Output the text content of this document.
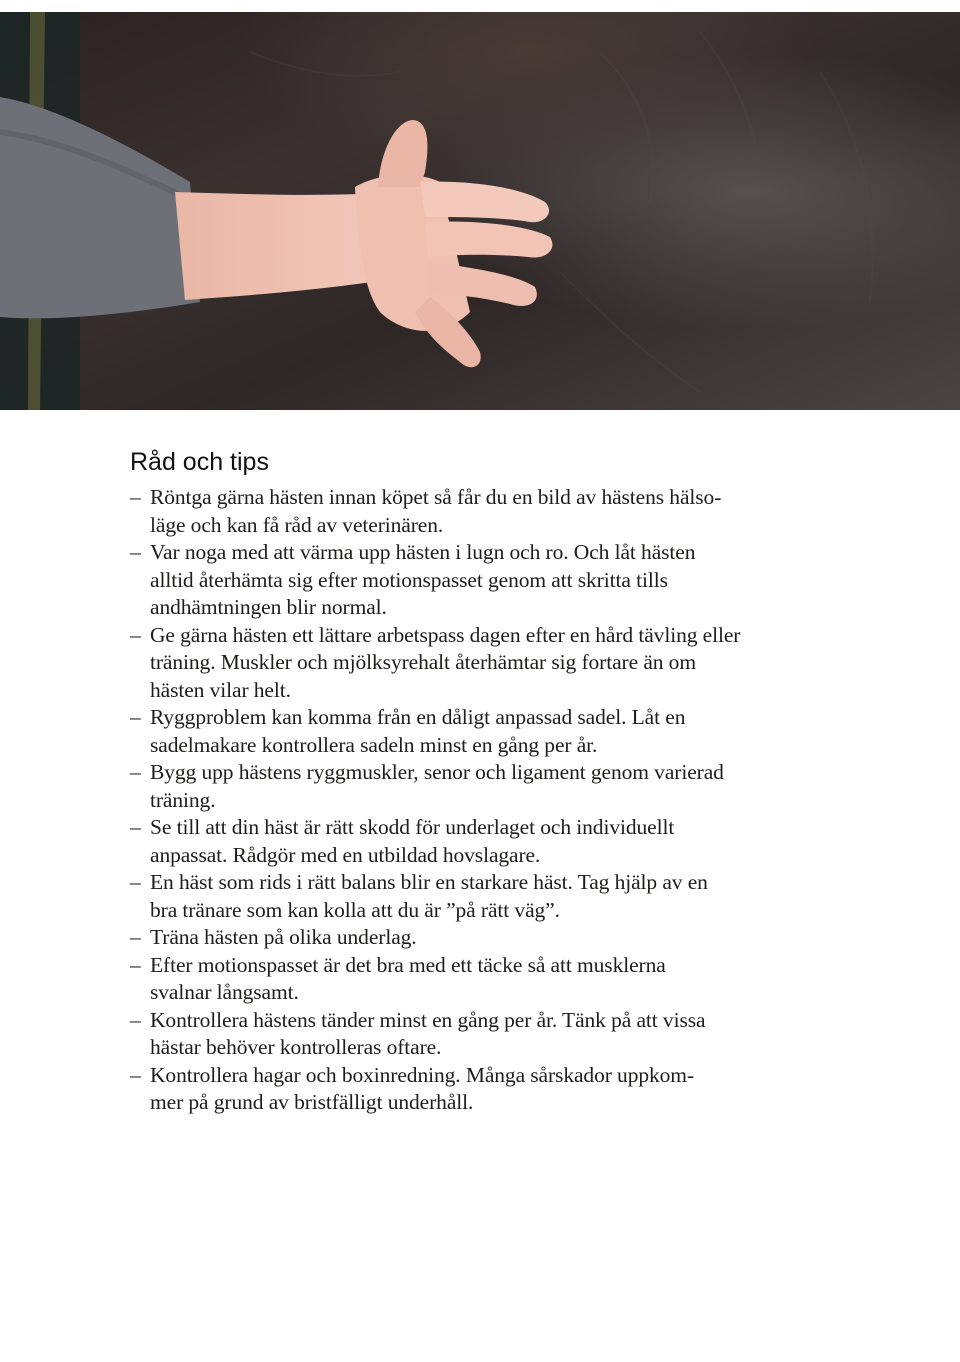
Råd och tips
– Röntga gärna hästen innan köpet så får du en bild av hästens hälso-
läge och kan få råd av veterinären.
– Var noga med att värma upp hästen i lugn och ro. Och låt hästen
alltid återhämta sig efter motionspasset genom att skritta tills
andhämtningen blir normal.
– Ge gärna hästen ett lättare arbetspass dagen efter en hård tävling eller
träning. Muskler och mjölksyrehalt återhämtar sig fortare än om
hästen vilar helt.
– Ryggproblem kan komma från en dåligt anpassad sadel. Låt en
sadelmakare kontrollera sadeln minst en gång per år.
– Bygg upp hästens ryggmuskler, senor och ligament genom varierad
träning.
– Se till att din häst är rätt skodd för underlaget och individuellt
anpassat. Rådgör med en utbildad hovslagare.
– En häst som rids i rätt balans blir en starkare häst. Tag hjälp av en
bra tränare som kan kolla att du är ”på rätt väg”.
– Träna hästen på olika underlag.
– Efter motionspasset är det bra med ett täcke så att musklerna
svalnar långsamt.
– Kontrollera hästens tänder minst en gång per år. Tänk på att vissa
hästar behöver kontrolleras oftare.
– Kontrollera hagar och boxinredning. Många sårskador uppkom-
mer på grund av bristfälligt underhåll.
